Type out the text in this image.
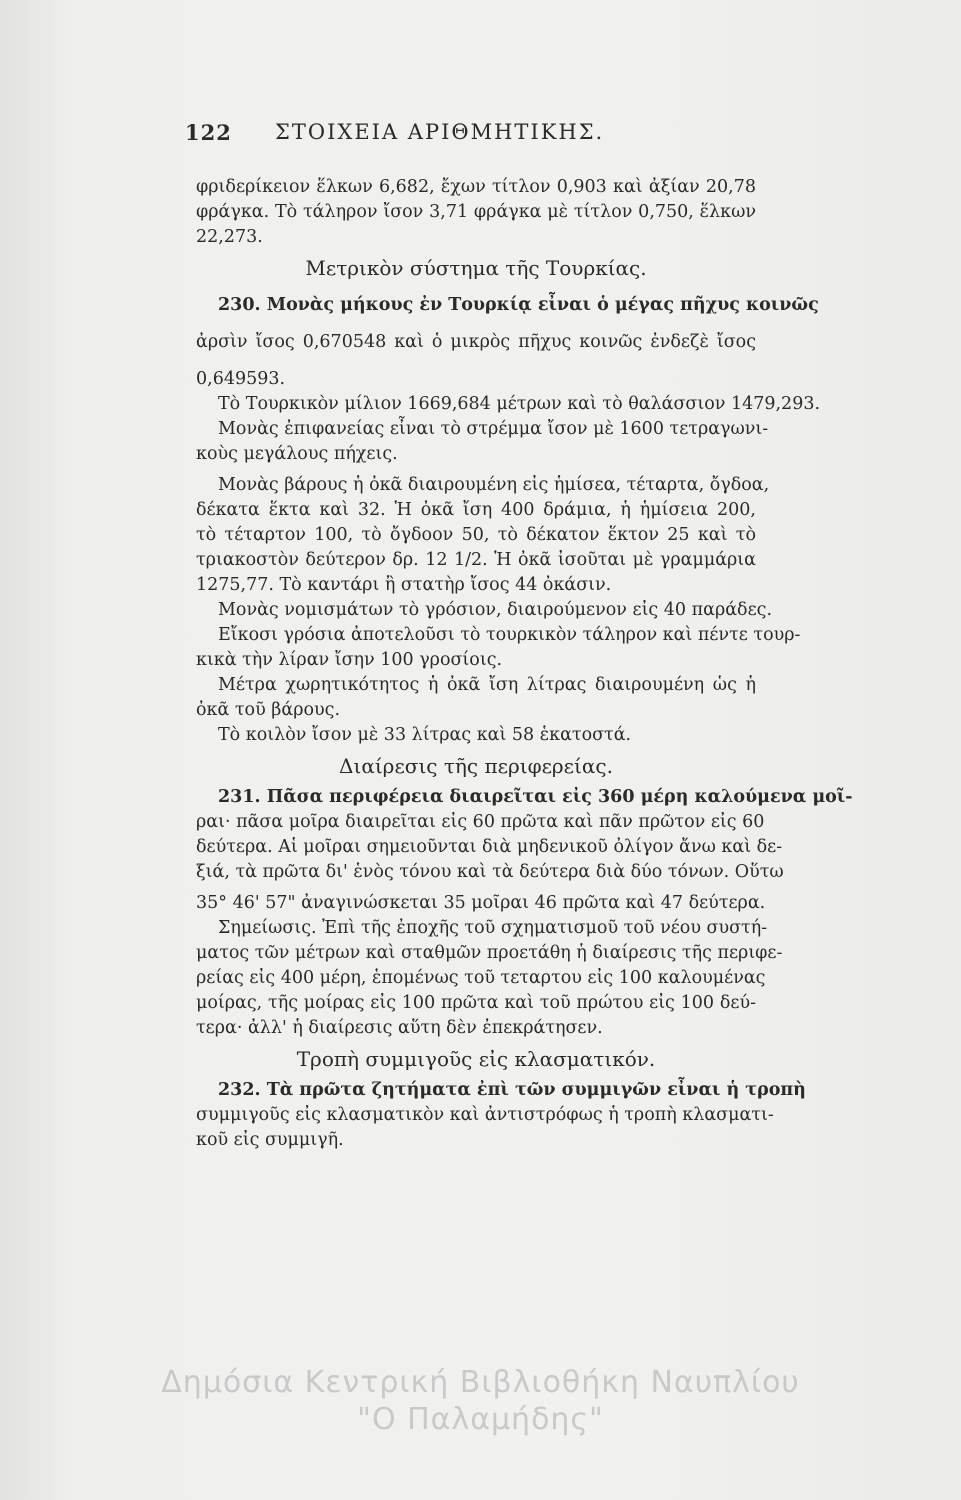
122 ΣΤΟΙΧΕΙΑ ΑΡΙΘΜΗΤΙΚΗΣ.
φριδερίκειον ἕλκων 6,682, ἔχων τίτλον 0,903 καὶ ἀξίαν 20,78
φράγκα. Τὸ τάληρον ἴσον 3,71 φράγκα μὲ τίτλον 0,750, ἕλκων
22,273.
Μετρικὸν σύστημα τῆς Τουρκίας.
230. Μονὰς μήκους ἐν Τουρκίᾳ εἶναι ὁ μέγας πῆχυς κοινῶς
ἀρσὶν ἴσος 0,670548 καὶ ὁ μικρὸς πῆχυς κοινῶς ἐνδεζὲ ἴσος
0,649593.
Τὸ Τουρκικὸν μίλιον 1669,684 μέτρων καὶ τὸ θαλάσσιον 1479,293.
Μονὰς ἐπιφανείας εἶναι τὸ στρέμμα ἴσον μὲ 1600 τετραγωνι-
κοὺς μεγάλους πήχεις.
Μονὰς βάρους ἡ ὀκᾶ διαιρουμένη εἰς ἡμίσεα, τέταρτα, ὄγδοα,
δέκατα ἕκτα καὶ 32. Ἡ ὀκᾶ ἴση 400 δράμια, ἡ ἡμίσεια 200,
τὸ τέταρτον 100, τὸ ὄγδοον 50, τὸ δέκατον ἕκτον 25 καὶ τὸ
τριακοστὸν δεύτερον δρ. 12 1/2. Ἡ ὀκᾶ ἰσοῦται μὲ γραμμάρια
1275,77. Τὸ καντάρι ἢ στατὴρ ἴσος 44 ὀκάσιν.
Μονὰς νομισμάτων τὸ γρόσιον, διαιρούμενον εἰς 40 παράδες.
Εἴκοσι γρόσια ἀποτελοῦσι τὸ τουρκικὸν τάληρον καὶ πέντε τουρ-
κικὰ τὴν λίραν ἴσην 100 γροσίοις.
Μέτρα χωρητικότητος ἡ ὀκᾶ ἴση λίτρας διαιρουμένη ὡς ἡ
ὀκᾶ τοῦ βάρους.
Τὸ κοιλὸν ἴσον μὲ 33 λίτρας καὶ 58 ἑκατοστά.
Διαίρεσις τῆς περιφερείας.
231. Πᾶσα περιφέρεια διαιρεῖται εἰς 360 μέρη καλούμενα μοῖ-
ραι· πᾶσα μοῖρα διαιρεῖται εἰς 60 πρῶτα καὶ πᾶν πρῶτον εἰς 60
δεύτερα. Αἱ μοῖραι σημειοῦνται διὰ μηδενικοῦ ὀλίγον ἄνω καὶ δε-
ξιά, τὰ πρῶτα δι' ἑνὸς τόνου καὶ τὰ δεύτερα διὰ δύο τόνων. Οὕτω
35° 46' 57" ἀναγινώσκεται 35 μοῖραι 46 πρῶτα καὶ 47 δεύτερα.
Σημείωσις. Ἐπὶ τῆς ἐποχῆς τοῦ σχηματισμοῦ τοῦ νέου συστή-
ματος τῶν μέτρων καὶ σταθμῶν προετάθη ἡ διαίρεσις τῆς περιφε-
ρείας εἰς 400 μέρη, ἑπομένως τοῦ τεταρτου εἰς 100 καλουμένας
μοίρας, τῆς μοίρας εἰς 100 πρῶτα καὶ τοῦ πρώτου εἰς 100 δεύ-
τερα· ἀλλ' ἡ διαίρεσις αὕτη δὲν ἐπεκράτησεν.
Τροπὴ συμμιγοῦς εἰς κλασματικόν.
232. Τὰ πρῶτα ζητήματα ἐπὶ τῶν συμμιγῶν εἶναι ἡ τροπὴ
συμμιγοῦς εἰς κλασματικὸν καὶ ἀντιστρόφως ἡ τροπὴ κλασματι-
κοῦ εἰς συμμιγῆ.
Δημόσια Κεντρική Βιβλιοθήκη Ναυπλίου
"Ο Παλαμήδης"
